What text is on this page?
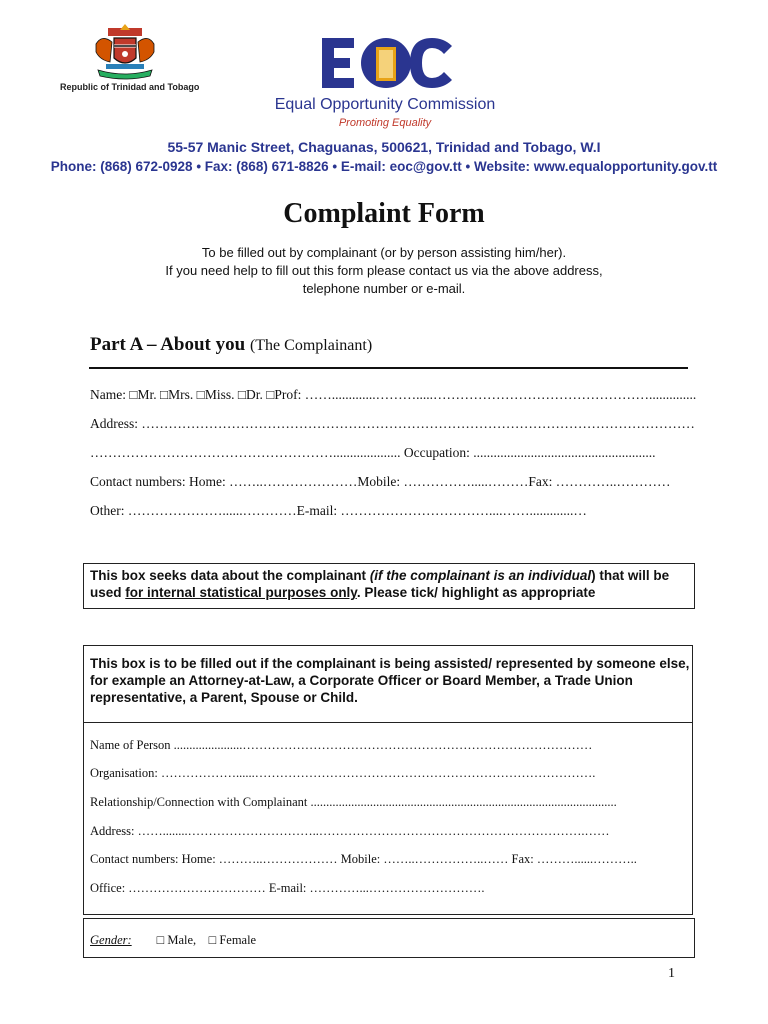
Republic of Trinidad and Tobago
Equal Opportunity Commission
Promoting Equality
55-57 Manic Street, Chaguanas, 500621, Trinidad and Tobago, W.I
Phone: (868) 672-0928 • Fax: (868) 671-8826 • E-mail: eoc@gov.tt • Website: www.equalopportunity.gov.tt
Complaint Form
To be filled out by complainant (or by person assisting him/her).
If you need help to fill out this form please contact us via the above address,
telephone number or e-mail.
Part A – About you (The Complainant)
Name: □Mr. □Mrs. □Miss. □Dr. □Prof: …….............……….....…………………………………………..............
Address: ……………………………………………………………………………………………………………
……………………………………………….................... Occupation: ......................................................
Contact numbers: Home: ……..…………………Mobile: …………….....………Fax: …………..…………
Other: …………………......…………E-mail: ……………………………....…….............…
This box seeks data about the complainant (if the complainant is an individual) that will be used for internal statistical purposes only. Please tick/ highlight as appropriate
This box is to be filled out if the complainant is being assisted/ represented by someone else, for example an Attorney-at-Law, a Corporate Officer or Board Member, a Trade Union representative, a Parent, Spouse or Child.
Name of Person ......................…………………………………………………………………………
Organisation: ………………......……………………………………………………………………….
Relationship/Connection with Complainant ..................................................................................................
Address: ……........…………………………..……………………………………………………….……
Contact numbers: Home: ………..……………… Mobile: ……..……………..…… Fax: ………......………..
Office: …………………………… E-mail: …………...……………………….
Gender: □ Male, □ Female
1
